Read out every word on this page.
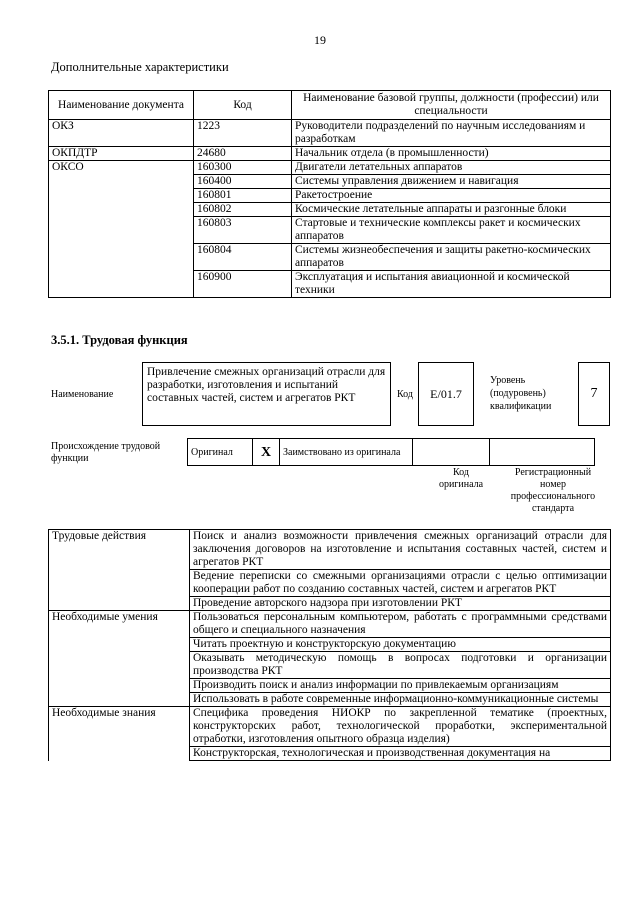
19
Дополнительные характеристики
Наименование документа	Код	Наименование базовой группы, должности (профессии) или специальности
ОКЗ	1223	Руководители подразделений по научным исследованиям и разработкам
ОКПДТР	24680	Начальник отдела (в промышленности)
ОКСО	160300	Двигатели летательных аппаратов
	160400	Системы управления движением и навигация
	160801	Ракетостроение
	160802	Космические летательные аппараты и разгонные блоки
	160803	Стартовые и технические комплексы ракет и космических аппаратов
	160804	Системы жизнеобеспечения и защиты ракетно-космических аппаратов
	160900	Эксплуатация и испытания авиационной и космической техники
3.5.1. Трудовая функция
Наименование
Привлечение смежных организаций отрасли для разработки, изготовления и испытаний составных частей, систем и агрегатов РКТ	Код	E/01.7
Уровень (подуровень) квалификации
7
Происхождение трудовой функции
Оригинал	X	Заимствовано из оригинала		
Код оригинала
Регистрационный номер профессионального стандарта
Трудовые действия	Поиск и анализ возможности привлечения смежных организаций отрасли для заключения договоров на изготовление и испытания составных частей, систем и агрегатов РКТ
	Ведение переписки со смежными организациями отрасли с целью оптимизации кооперации работ по созданию составных частей, систем и агрегатов РКТ
	Проведение авторского надзора при изготовлении РКТ
Необходимые умения	Пользоваться персональным компьютером, работать с программными средствами общего и специального назначения
	Читать проектную и конструкторскую документацию
	Оказывать методическую помощь в вопросах подготовки и организации производства РКТ
	Производить поиск и анализ информации по привлекаемым организациям
	Использовать в работе современные информационно-коммуникационные системы
Необходимые знания	Специфика проведения НИОКР по закрепленной тематике (проектных, конструкторских работ, технологической проработки, экспериментальной отработки, изготовления опытного образца изделия)
	Конструкторская, технологическая и производственная документация на
